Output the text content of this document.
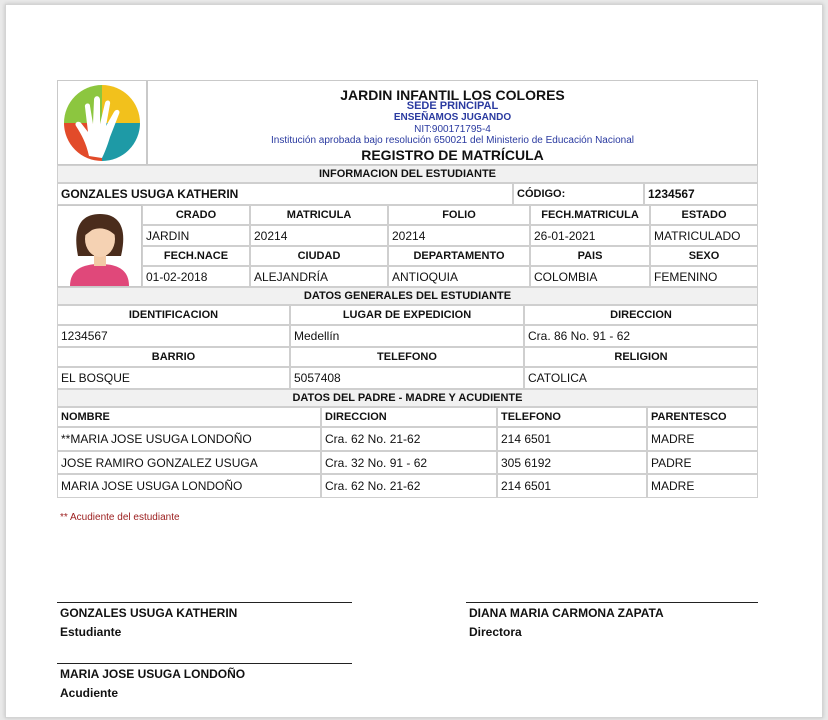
JARDIN INFANTIL LOS COLORES
SEDE PRINCIPAL
ENSEÑAMOS JUGANDO
NIT:900171795-4
Institución aprobada bajo resolución 650021 del Ministerio de Educación Nacional
REGISTRO DE MATRÍCULA
INFORMACION DEL ESTUDIANTE
GONZALES USUGA KATHERIN	CÓDIGO:	1234567
CRADO	MATRICULA	FOLIO	FECH.MATRICULA	ESTADO
JARDIN	20214	20214	26-01-2021	MATRICULADO
FECH.NACE	CIUDAD	DEPARTAMENTO	PAIS	SEXO
01-02-2018	ALEJANDRÍA	ANTIOQUIA	COLOMBIA	FEMENINO
DATOS GENERALES DEL ESTUDIANTE
IDENTIFICACION	LUGAR DE EXPEDICION	DIRECCION
1234567	Medellín	Cra. 86 No. 91 - 62
BARRIO	TELEFONO	RELIGION
EL BOSQUE	5057408	CATOLICA
DATOS DEL PADRE - MADRE Y ACUDIENTE
NOMBRE	DIRECCION	TELEFONO	PARENTESCO
**MARIA JOSE USUGA LONDOÑO	Cra. 62 No. 21-62	214 6501	MADRE
JOSE RAMIRO GONZALEZ USUGA	Cra. 32 No. 91 - 62	305 6192	PADRE
MARIA JOSE USUGA LONDOÑO	Cra. 62 No. 21-62	214 6501	MADRE
** Acudiente del estudiante
GONZALES USUGA KATHERIN
Estudiante
DIANA MARIA CARMONA ZAPATA
Directora
MARIA JOSE USUGA LONDOÑO
Acudiente
